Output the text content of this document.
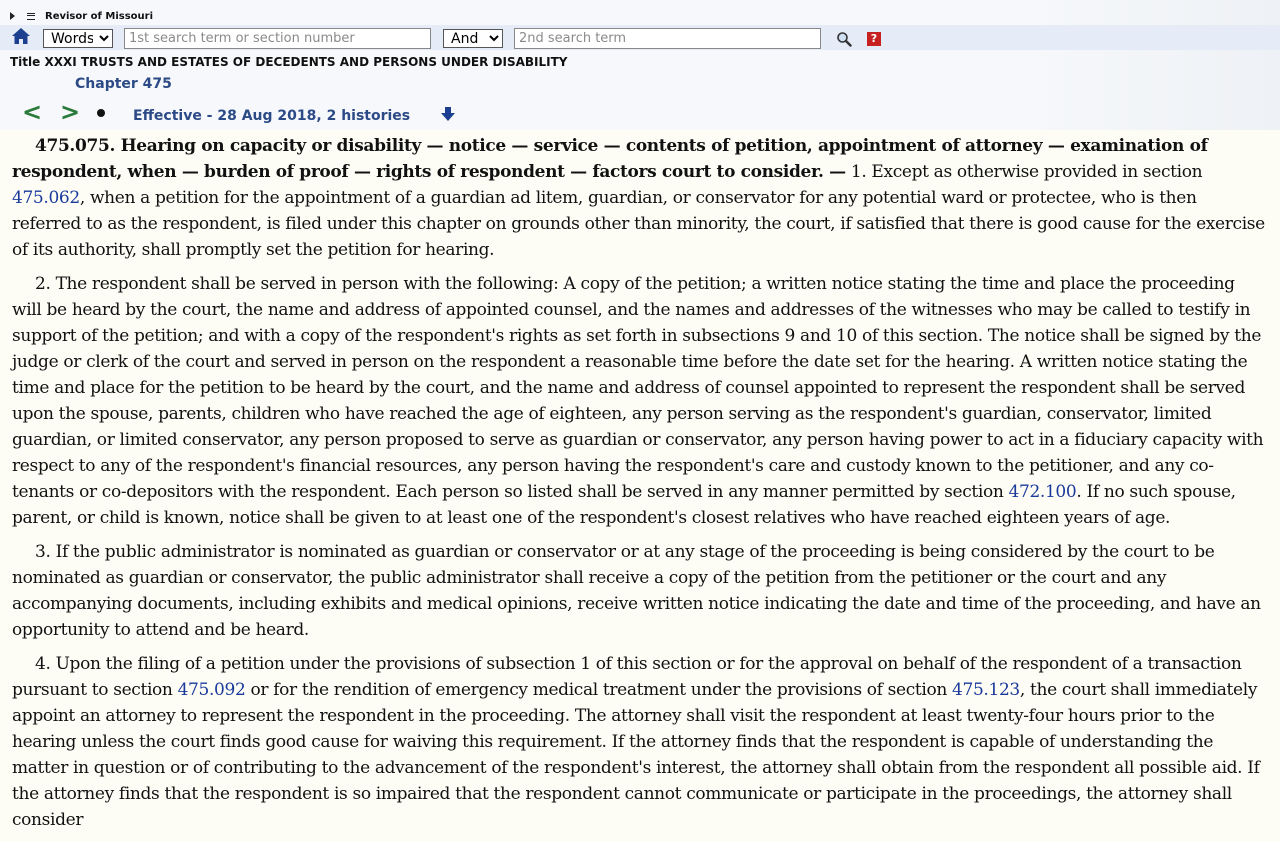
Revisor of Missouri
Words
1st search term or section number
And
2nd search term
?
Title XXXI TRUSTS AND ESTATES OF DECEDENTS AND PERSONS UNDER DISABILITY
Chapter 475
< >	Effective - 28 Aug 2018, 2 histories

475.075. Hearing on capacity or disability — notice — service — contents of petition, appointment of attorney — examination of respondent, when — burden of proof — rights of respondent — factors court to consider. — 1. Except as otherwise provided in section 475.062, when a petition for the appointment of a guardian ad litem, guardian, or conservator for any potential ward or protectee, who is then referred to as the respondent, is filed under this chapter on grounds other than minority, the court, if satisfied that there is good cause for the exercise of its authority, shall promptly set the petition for hearing.

2. The respondent shall be served in person with the following: A copy of the petition; a written notice stating the time and place the proceeding will be heard by the court, the name and address of appointed counsel, and the names and addresses of the witnesses who may be called to testify in support of the petition; and with a copy of the respondent's rights as set forth in subsections 9 and 10 of this section. The notice shall be signed by the judge or clerk of the court and served in person on the respondent a reasonable time before the date set for the hearing. A written notice stating the time and place for the petition to be heard by the court, and the name and address of counsel appointed to represent the respondent shall be served upon the spouse, parents, children who have reached the age of eighteen, any person serving as the respondent's guardian, conservator, limited guardian, or limited conservator, any person proposed to serve as guardian or conservator, any person having power to act in a fiduciary capacity with respect to any of the respondent's financial resources, any person having the respondent's care and custody known to the petitioner, and any co-tenants or co-depositors with the respondent. Each person so listed shall be served in any manner permitted by section 472.100. If no such spouse, parent, or child is known, notice shall be given to at least one of the respondent's closest relatives who have reached eighteen years of age.

3. If the public administrator is nominated as guardian or conservator or at any stage of the proceeding is being considered by the court to be nominated as guardian or conservator, the public administrator shall receive a copy of the petition from the petitioner or the court and any accompanying documents, including exhibits and medical opinions, receive written notice indicating the date and time of the proceeding, and have an opportunity to attend and be heard.

4. Upon the filing of a petition under the provisions of subsection 1 of this section or for the approval on behalf of the respondent of a transaction pursuant to section 475.092 or for the rendition of emergency medical treatment under the provisions of section 475.123, the court shall immediately appoint an attorney to represent the respondent in the proceeding. The attorney shall visit the respondent at least twenty-four hours prior to the hearing unless the court finds good cause for waiving this requirement. If the attorney finds that the respondent is capable of understanding the matter in question or of contributing to the advancement of the respondent's interest, the attorney shall obtain from the respondent all possible aid. If the attorney finds that the respondent is so impaired that the respondent cannot communicate or participate in the proceedings, the attorney shall consider
